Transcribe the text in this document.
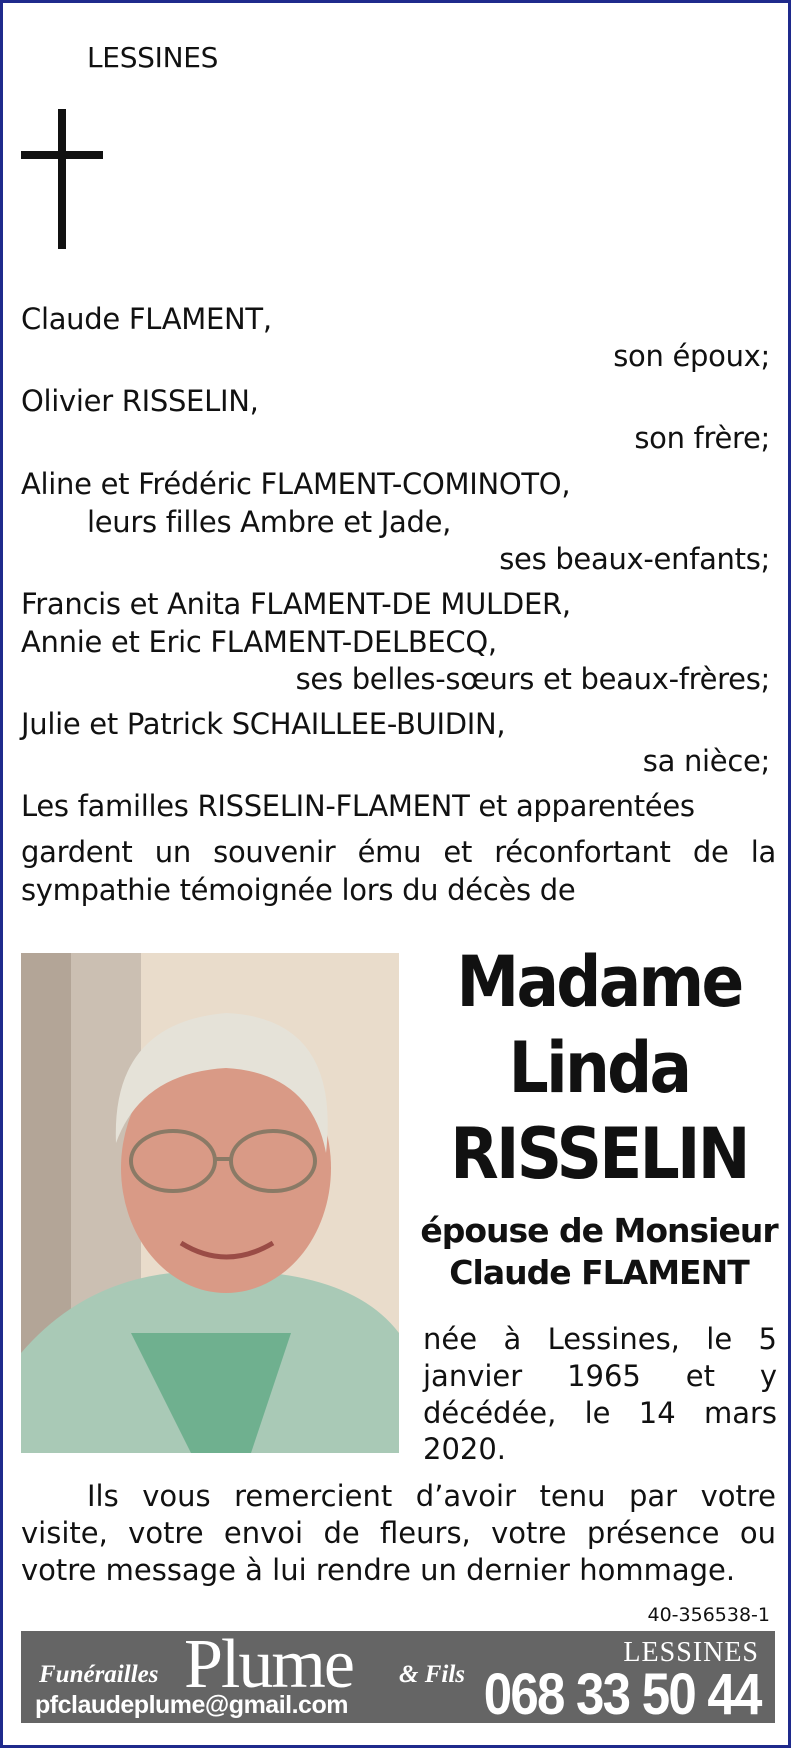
LESSINES
Claude FLAMENT,
son époux;
Olivier RISSELIN,
son frère;
Aline et Frédéric FLAMENT-COMINOTO,
leurs filles Ambre et Jade,
ses beaux-enfants;
Francis et Anita FLAMENT-DE MULDER,
Annie et Eric FLAMENT-DELBECQ,
ses belles-sœurs et beaux-frères;
Julie et Patrick SCHAILLEE-BUIDIN,
sa nièce;
Les familles RISSELIN-FLAMENT et apparentées
gardent un souvenir ému et réconfortant de la
sympathie témoignée lors du décès de
Madame
Linda
RISSELIN
épouse de Monsieur
Claude FLAMENT
née à Lessines, le 5 janvier 1965 et y décédée, le 14 mars 2020.
Ils vous remercient d’avoir tenu par votre visite, votre envoi de fleurs, votre présence ou votre message à lui rendre un dernier hommage.
40-356538-1
Funérailles Plume & Fils
pfclaudeplume@gmail.com
LESSINES
068 33 50 44
